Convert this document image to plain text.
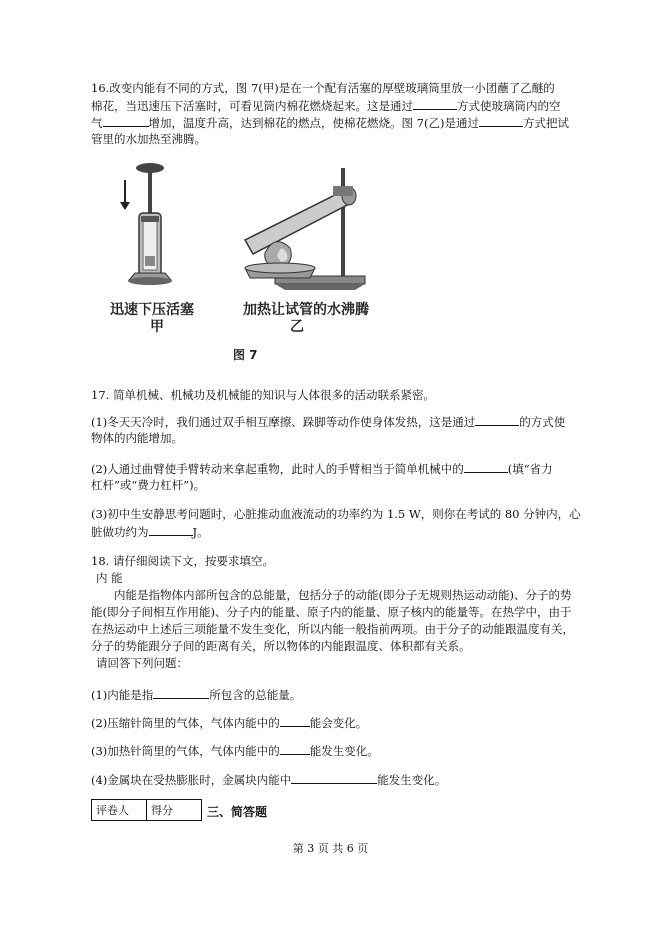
16.改变内能有不同的方式，图 7(甲)是在一个配有活塞的厚壁玻璃筒里放一小团蘸了乙醚的
棉花，当迅速压下活塞时，可看见筒内棉花燃烧起来。这是通过	方式使玻璃筒内的空
气	增加，温度升高，达到棉花的燃点，使棉花燃烧。图 7(乙)是通过	方式把试
管里的水加热至沸腾。
迅速下压活塞
甲
加热让试管的水沸腾
乙
图 7
17. 简单机械、机械功及机械能的知识与人体很多的活动联系紧密。
(1)冬天天冷时，我们通过双手相互摩擦、跺脚等动作使身体发热，这是通过	的方式使
物体的内能增加。
(2)人通过曲臂使手臂转动来拿起重物，此时人的手臂相当于简单机械中的	(填“省力
杠杆”或“费力杠杆”)。
(3)初中生安静思考问题时，心脏推动血液流动的功率约为 1.5 W，则你在考试的 80 分钟内，心
脏做功约为	J。
18. 请仔细阅读下文，按要求填空。
内 能
内能是指物体内部所包含的总能量，包括分子的动能(即分子无规则热运动动能)、分子的势
能(即分子间相互作用能)、分子内的能量、原子内的能量、原子核内的能量等。在热学中，由于
在热运动中上述后三项能量不发生变化，所以内能一般指前两项。由于分子的动能跟温度有关，
分子的势能跟分子间的距离有关，所以物体的内能跟温度、体积都有关系。
请回答下列问题：
(1)内能是指	所包含的总能量。
(2)压缩针筒里的气体，气体内能中的	能会变化。
(3)加热针筒里的气体，气体内能中的	能发生变化。
(4)金属块在受热膨胀时，金属块内能中	能发生变化。
评卷人	得分	三、简答题
第 3 页 共 6 页
